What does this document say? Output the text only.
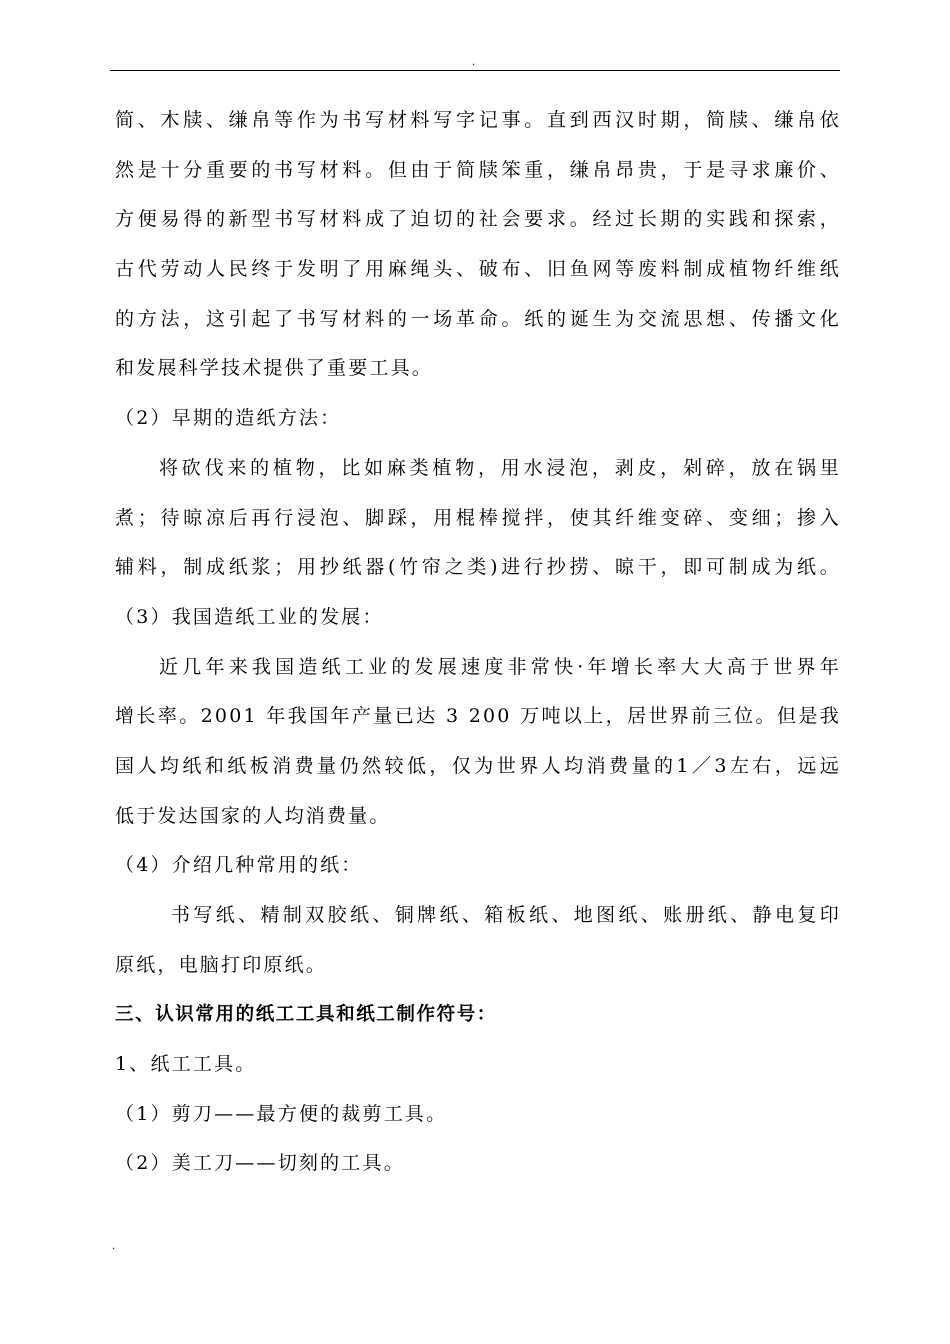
.
简、木牍、缣帛等作为书写材料写字记事。直到西汉时期，简牍、缣帛依
然是十分重要的书写材料。但由于简牍笨重，缣帛昂贵，于是寻求廉价、
方便易得的新型书写材料成了迫切的社会要求。经过长期的实践和探索，
古代劳动人民终于发明了用麻绳头、破布、旧鱼网等废料制成植物纤维纸
的方法，这引起了书写材料的一场革命。纸的诞生为交流思想、传播文化
和发展科学技术提供了重要工具。
（2）早期的造纸方法：
将砍伐来的植物，比如麻类植物，用水浸泡，剥皮，剁碎，放在锅里
煮；待晾凉后再行浸泡、脚踩，用棍棒搅拌，使其纤维变碎、变细；掺入
辅料，制成纸浆；用抄纸器(竹帘之类)进行抄捞、晾干，即可制成为纸。
（3）我国造纸工业的发展：
近几年来我国造纸工业的发展速度非常快·年增长率大大高于世界年
增长率。2001 年我国年产量已达 3 200 万吨以上，居世界前三位。但是我
国人均纸和纸板消费量仍然较低，仅为世界人均消费量的1／3左右，远远
低于发达国家的人均消费量。
（4）介绍几种常用的纸：
书写纸、精制双胶纸、铜牌纸、箱板纸、地图纸、账册纸、静电复印
原纸，电脑打印原纸。
三、认识常用的纸工工具和纸工制作符号：
1、纸工工具。
（1）剪刀——最方便的裁剪工具。
（2）美工刀——切刻的工具。
.
